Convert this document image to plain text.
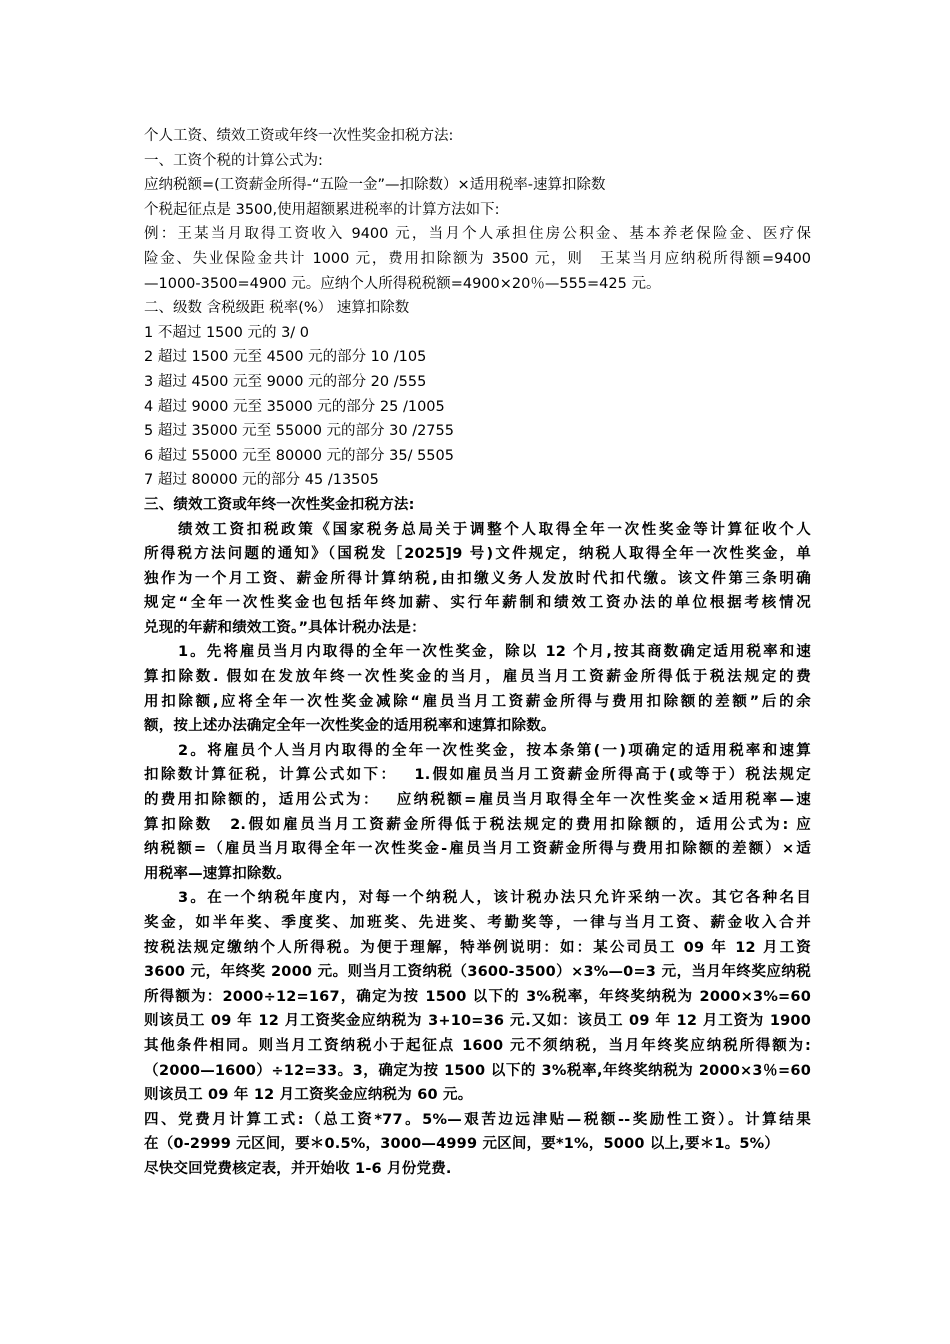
个人工资、绩效工资或年终一次性奖金扣税方法:
一、工资个税的计算公式为:
应纳税额=(工资薪金所得-“五险一金”—扣除数）×适用税率-速算扣除数
个税起征点是 3500,使用超额累进税率的计算方法如下:
例：王某当月取得工资收入 9400 元，当月个人承担住房公积金、基本养老保险金、医疗保
险金、失业保险金共计 1000 元，费用扣除额为 3500 元，则　王某当月应纳税所得额=9400
—1000-3500=4900 元。应纳个人所得税税额=4900×20％—555=425 元。
二、级数 含税级距 税率(%） 速算扣除数
1 不超过 1500 元的 3/ 0
2 超过 1500 元至 4500 元的部分 10 /105
3 超过 4500 元至 9000 元的部分 20 /555
4 超过 9000 元至 35000 元的部分 25 /1005
5 超过 35000 元至 55000 元的部分 30 /2755
6 超过 55000 元至 80000 元的部分 35/ 5505
7 超过 80000 元的部分 45 /13505
三、绩效工资或年终一次性奖金扣税方法:
绩效工资扣税政策《国家税务总局关于调整个人取得全年一次性奖金等计算征收个人
所得税方法问题的通知》（国税发［2025]9 号)文件规定，纳税人取得全年一次性奖金，单
独作为一个月工资、薪金所得计算纳税,由扣缴义务人发放时代扣代缴。该文件第三条明确
规定“全年一次性奖金也包括年终加薪、实行年薪制和绩效工资办法的单位根据考核情况
兑现的年薪和绩效工资。”具体计税办法是：
1。先将雇员当月内取得的全年一次性奖金，除以 12 个月,按其商数确定适用税率和速
算扣除数. 假如在发放年终一次性奖金的当月，雇员当月工资薪金所得低于税法规定的费
用扣除额,应将全年一次性奖金减除“雇员当月工资薪金所得与费用扣除额的差额”后的余
额，按上述办法确定全年一次性奖金的适用税率和速算扣除数。
2。将雇员个人当月内取得的全年一次性奖金，按本条第(一)项确定的适用税率和速算
扣除数计算征税，计算公式如下：　 1.假如雇员当月工资薪金所得高于(或等于）税法规定
的费用扣除额的，适用公式为：　 应纳税额=雇员当月取得全年一次性奖金×适用税率—速
算扣除数　2.假如雇员当月工资薪金所得低于税法规定的费用扣除额的，适用公式为: 应
纳税额=（雇员当月取得全年一次性奖金-雇员当月工资薪金所得与费用扣除额的差额）×适
用税率—速算扣除数。
3。在一个纳税年度内，对每一个纳税人，该计税办法只允许采纳一次。其它各种名目
奖金，如半年奖、季度奖、加班奖、先进奖、考勤奖等，一律与当月工资、薪金收入合并
按税法规定缴纳个人所得税。为便于理解，特举例说明：如：某公司员工 09 年 12 月工资
3600 元，年终奖 2000 元。则当月工资纳税（3600-3500）×3%—0=3 元，当月年终奖应纳税
所得额为：2000÷12=167，确定为按 1500 以下的 3%税率，年终奖纳税为 2000×3%=60
则该员工 09 年 12 月工资奖金应纳税为 3+10=36 元.又如：该员工 09 年 12 月工资为 1900
其他条件相同。则当月工资纳税小于起征点 1600 元不须纳税，当月年终奖应纳税所得额为:
（2000—1600）÷12=33。3，确定为按 1500 以下的 3%税率,年终奖纳税为 2000×3％=60
则该员工 09 年 12 月工资奖金应纳税为 60 元。
四、党费月计算工式:（总工资*77。5%—艰苦边远津贴—税额--奖励性工资）。计算结果
在（0-2999 元区间，要＊0.5%，3000—4999 元区间，要*1%，5000 以上,要＊1。5%）
尽快交回党费核定表，并开始收 1-6 月份党费.
